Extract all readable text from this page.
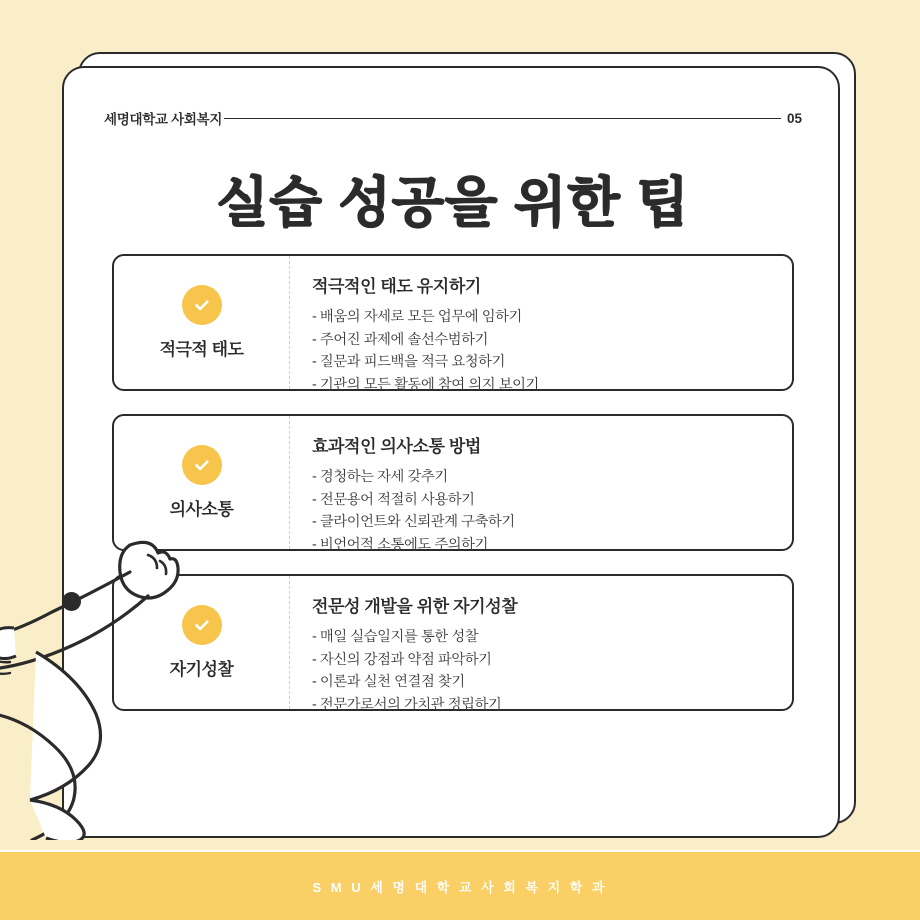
세명대학교 사회복지	05
실습 성공을 위한 팁
적극적 태도
적극적인 태도 유지하기
- 배움의 자세로 모든 업무에 임하기
- 주어진 과제에 솔선수범하기
- 질문과 피드백을 적극 요청하기
- 기관의 모든 활동에 참여 의지 보이기
의사소통
효과적인 의사소통 방법
- 경청하는 자세 갖추기
- 전문용어 적절히 사용하기
- 클라이언트와 신뢰관계 구축하기
- 비언어적 소통에도 주의하기
자기성찰
전문성 개발을 위한 자기성찰
- 매일 실습일지를 통한 성찰
- 자신의 강점과 약점 파악하기
- 이론과 실천 연결점 찾기
- 전문가로서의 가치관 정립하기
S M U 세 명 대 학 교 사 회 복 지 학 과
